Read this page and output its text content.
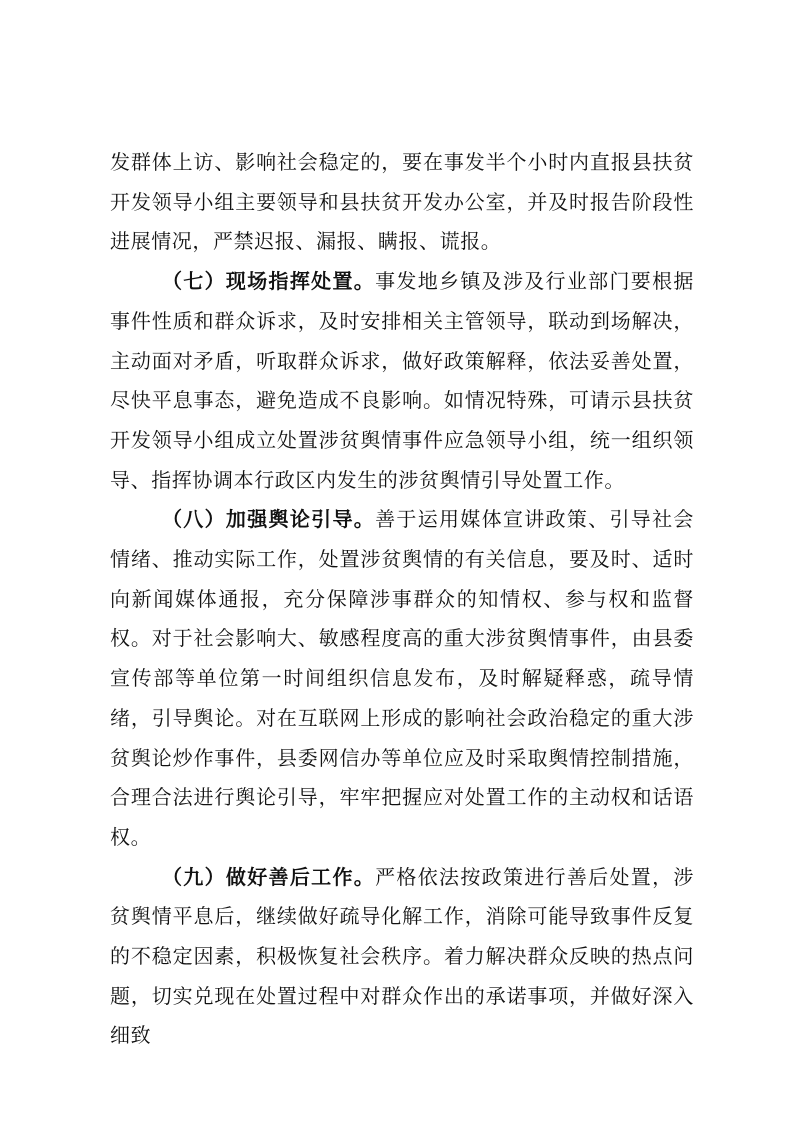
发群体上访、影响社会稳定的，要在事发半个小时内直报县扶贫开发领导小组主要领导和县扶贫开发办公室，并及时报告阶段性进展情况，严禁迟报、漏报、瞒报、谎报。

（七）现场指挥处置。事发地乡镇及涉及行业部门要根据事件性质和群众诉求，及时安排相关主管领导，联动到场解决，主动面对矛盾，听取群众诉求，做好政策解释，依法妥善处置，尽快平息事态，避免造成不良影响。如情况特殊，可请示县扶贫开发领导小组成立处置涉贫舆情事件应急领导小组，统一组织领导、指挥协调本行政区内发生的涉贫舆情引导处置工作。

（八）加强舆论引导。善于运用媒体宣讲政策、引导社会情绪、推动实际工作，处置涉贫舆情的有关信息，要及时、适时向新闻媒体通报，充分保障涉事群众的知情权、参与权和监督权。对于社会影响大、敏感程度高的重大涉贫舆情事件，由县委宣传部等单位第一时间组织信息发布，及时解疑释惑，疏导情绪，引导舆论。对在互联网上形成的影响社会政治稳定的重大涉贫舆论炒作事件，县委网信办等单位应及时采取舆情控制措施，合理合法进行舆论引导，牢牢把握应对处置工作的主动权和话语权。

（九）做好善后工作。严格依法按政策进行善后处置，涉贫舆情平息后，继续做好疏导化解工作，消除可能导致事件反复的不稳定因素，积极恢复社会秩序。着力解决群众反映的热点问题，切实兑现在处置过程中对群众作出的承诺事项，并做好深入细致
